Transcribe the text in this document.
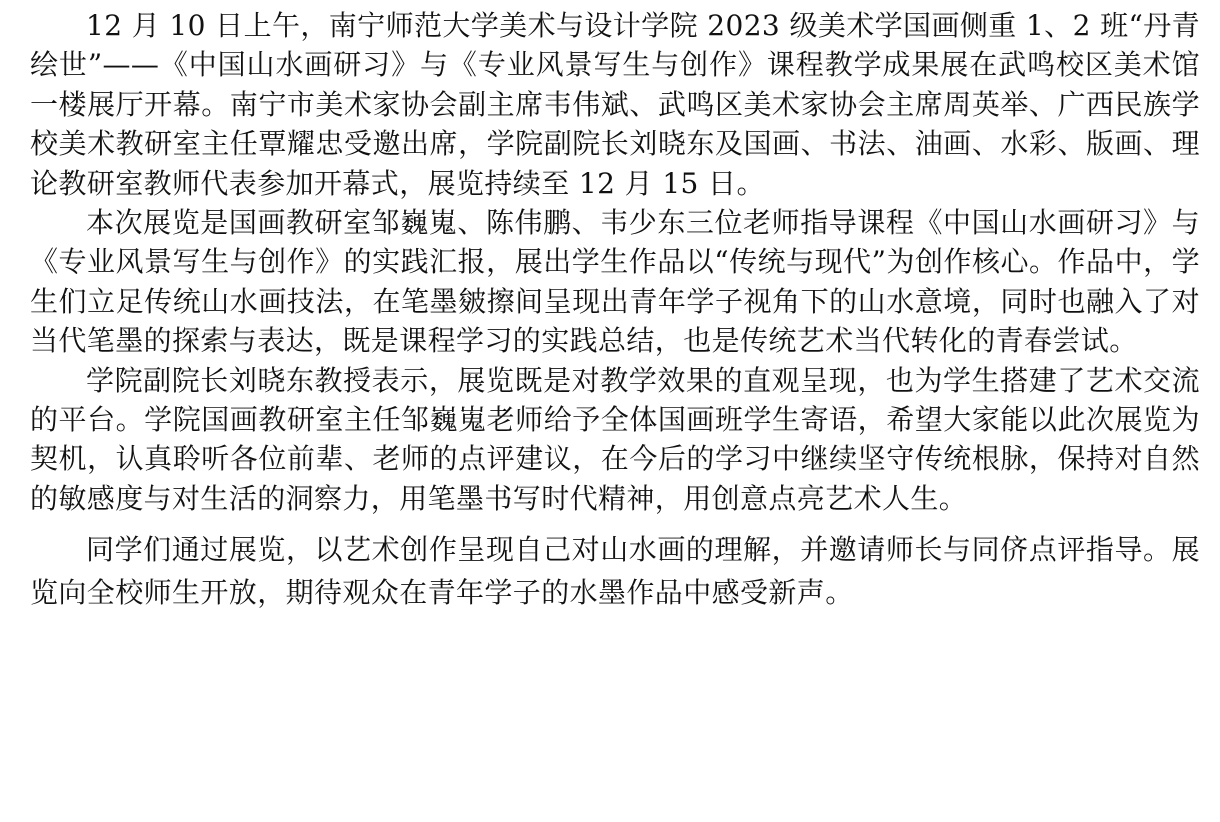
12 月 10 日上午，南宁师范大学美术与设计学院 2023 级美术学国画侧重 1、2 班“丹青绘世”——《中国山水画研习》与《专业风景写生与创作》课程教学成果展在武鸣校区美术馆一楼展厅开幕。南宁市美术家协会副主席韦伟斌、武鸣区美术家协会主席周英举、广西民族学校美术教研室主任覃耀忠受邀出席，学院副院长刘晓东及国画、书法、油画、水彩、版画、理论教研室教师代表参加开幕式，展览持续至 12 月 15 日。

本次展览是国画教研室邹巍嵬、陈伟鹏、韦少东三位老师指导课程《中国山水画研习》与《专业风景写生与创作》的实践汇报，展出学生作品以“传统与现代”为创作核心。作品中，学生们立足传统山水画技法，在笔墨皴擦间呈现出青年学子视角下的山水意境，同时也融入了对当代笔墨的探索与表达，既是课程学习的实践总结，也是传统艺术当代转化的青春尝试。

学院副院长刘晓东教授表示，展览既是对教学效果的直观呈现，也为学生搭建了艺术交流的平台。学院国画教研室主任邹巍嵬老师给予全体国画班学生寄语，希望大家能以此次展览为契机，认真聆听各位前辈、老师的点评建议，在今后的学习中继续坚守传统根脉，保持对自然的敏感度与对生活的洞察力，用笔墨书写时代精神，用创意点亮艺术人生。

同学们通过展览，以艺术创作呈现自己对山水画的理解，并邀请师长与同侪点评指导。展览向全校师生开放，期待观众在青年学子的水墨作品中感受新声。
